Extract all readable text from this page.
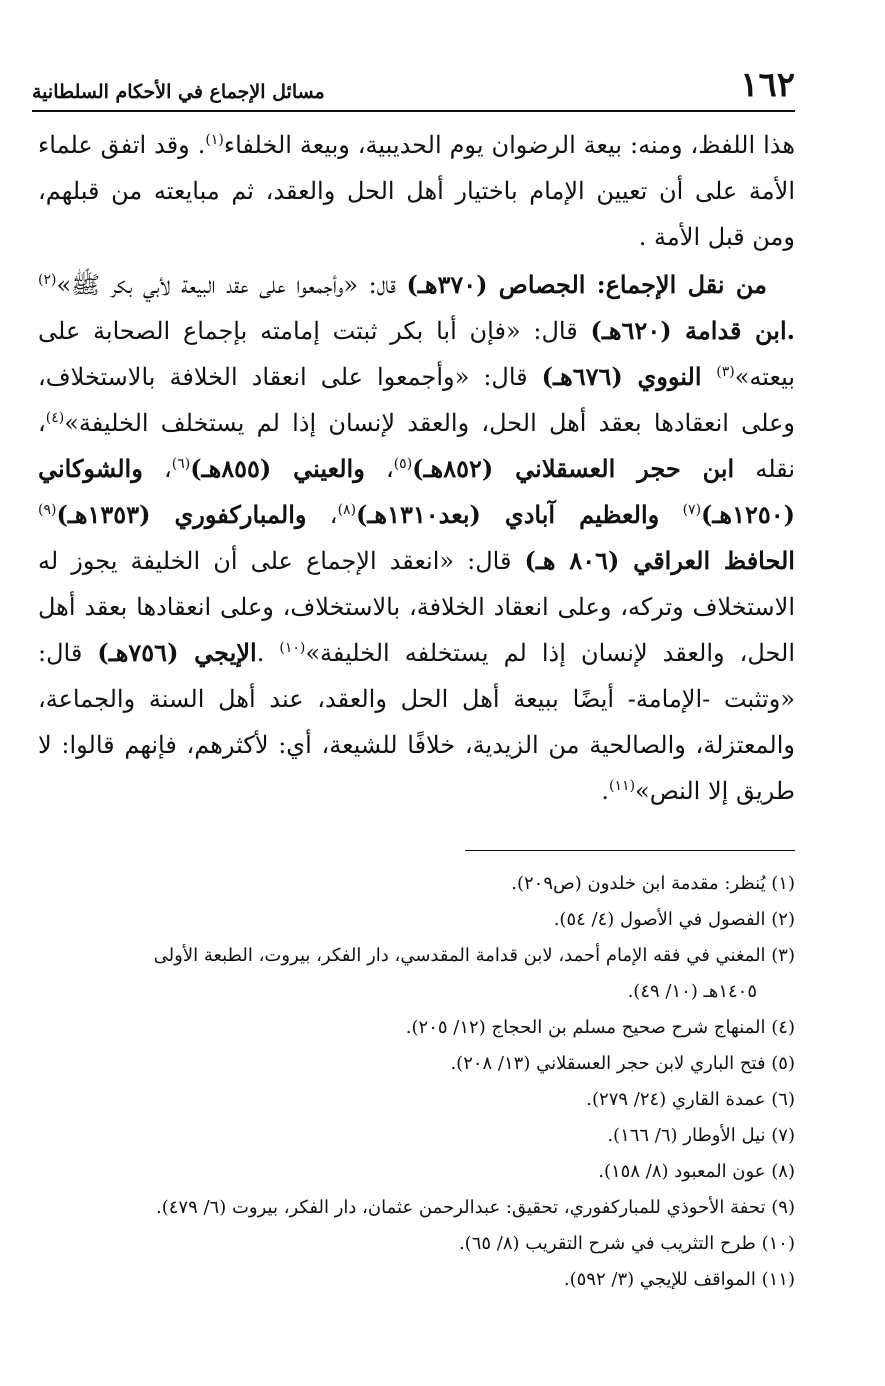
١٦٢
مسائل الإجماع في الأحكام السلطانية

هذا اللفظ، ومنه: بيعة الرضوان يوم الحديبية، وبيعة الخلفاء$^{(١)}$. وقد اتفق علماء الأمة على أن تعيين الإمام باختيار أهل الحل والعقد، ثم مبايعته من قبلهم، ومن قبل الأمة .

من نقل الإجماع: الجصاص (٣٧٠هـ) قال: «وأجمعوا على عقد البيعة لأبي بكر ﷺ»$^{(٢)}$ .ابن قدامة (٦٢٠هـ) قال: «فإن أبا بكر ثبتت إمامته بإجماع الصحابة على بيعته»$^{(٣)}$ النووي (٦٧٦هـ) قال: «وأجمعوا على انعقاد الخلافة بالاستخلاف، وعلى انعقادها بعقد أهل الحل، والعقد لإنسان إذا لم يستخلف الخليفة»$^{(٤)}$، نقله ابن حجر العسقلاني (٨٥٢هـ)$^{(٥)}$، والعيني (٨٥٥هـ)$^{(٦)}$، والشوكاني (١٢٥٠هـ)$^{(٧)}$ والعظيم آبادي (بعد١٣١٠هـ)$^{(٨)}$، والمباركفوري (١٣٥٣هـ)$^{(٩)}$ الحافظ العراقي (٨٠٦ هـ) قال: «انعقد الإجماع على أن الخليفة يجوز له الاستخلاف وتركه، وعلى انعقاد الخلافة، بالاستخلاف، وعلى انعقادها بعقد أهل الحل، والعقد لإنسان إذا لم يستخلفه الخليفة»$^{(١٠)}$ .الإيجي (٧٥٦هـ) قال: «وتثبت -الإمامة- أيضًا ببيعة أهل الحل والعقد، عند أهل السنة والجماعة، والمعتزلة، والصالحية من الزيدية، خلافًا للشيعة، أي: لأكثرهم، فإنهم قالوا: لا طريق إلا النص»$^{(١١)}$.

(١) يُنظر: مقدمة ابن خلدون (ص٢٠٩).
(٢) الفصول في الأصول (٤/ ٥٤).
(٣) المغني في فقه الإمام أحمد، لابن قدامة المقدسي، دار الفكر، بيروت، الطبعة الأولى
١٤٠٥هـ (١٠/ ٤٩).
(٤) المنهاج شرح صحيح مسلم بن الحجاج (١٢/ ٢٠٥).
(٥) فتح الباري لابن حجر العسقلاني (١٣/ ٢٠٨).
(٦) عمدة القاري (٢٤/ ٢٧٩).
(٧) نيل الأوطار (٦/ ١٦٦).
(٨) عون المعبود (٨/ ١٥٨).
(٩) تحفة الأحوذي للمباركفوري، تحقيق: عبدالرحمن عثمان، دار الفكر، بيروت (٦/ ٤٧٩).
(١٠) طرح التثريب في شرح التقريب (٨/ ٦٥).
(١١) المواقف للإيجي (٣/ ٥٩٢).
